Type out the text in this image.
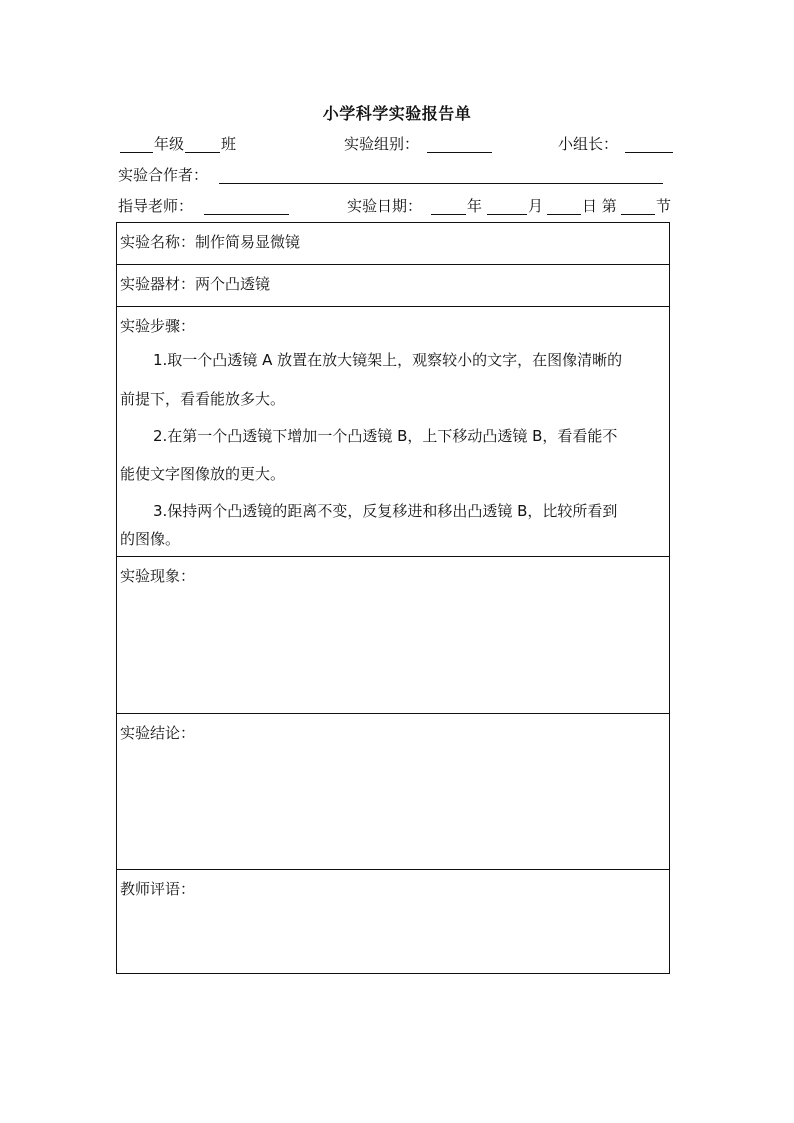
小学科学实验报告单
年级 班	实验组别：	小组长：
实验合作者：
指导老师：	实验日期：	年	月	日 第	节
实验名称：制作简易显微镜
实验器材：两个凸透镜
实验步骤：
1.取一个凸透镜 A 放置在放大镜架上，观察较小的文字，在图像清晰的
前提下，看看能放多大。
2.在第一个凸透镜下增加一个凸透镜 B，上下移动凸透镜 B，看看能不
能使文字图像放的更大。
3.保持两个凸透镜的距离不变，反复移进和移出凸透镜 B，比较所看到
的图像。
实验现象：
实验结论：
教师评语：
